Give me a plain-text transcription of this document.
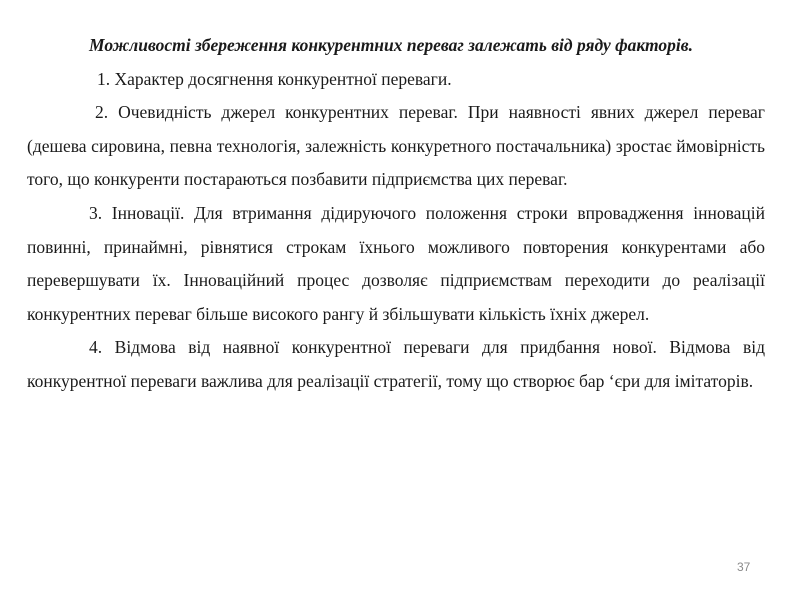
Можливості збереження конкурентних переваг залежать від ряду факторів.

1. Характер досягнення конкурентної переваги.

2. Очевидність джерел конкурентних переваг. При наявності явних джерел переваг (дешева сировина, певна технологія, залежність конкуретного постачальника) зростає ймовірність того, що конкуренти постараються позбавити підприємства цих переваг.

3. Інновації. Для втримання дідируючого положення строки впровадження інновацій повинні, принаймні, рівнятися строкам їхнього можливого повторения конкурентами або перевершувати їх. Інноваційний процес дозволяє підприємствам переходити до реалізації конкурентних переваг більше високого рангу й збільшувати кількість їхніх джерел.

4. Відмова від наявної конкурентної переваги для придбання нової. Відмова від конкурентної переваги важлива для реалізації стратегії, тому що створює бар ‘єри для імітаторів.

37
